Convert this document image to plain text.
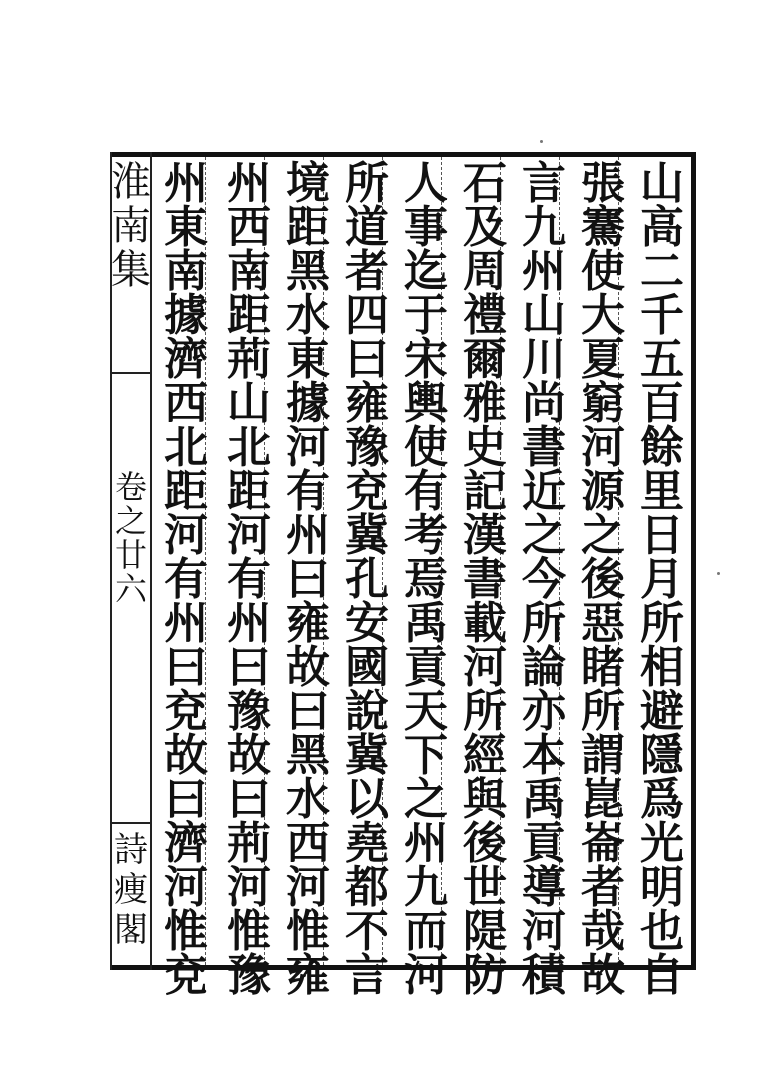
淮
南
集
卷
之
廿
六
詩
痩
閣
山
高
二
千
五
百
餘
里
日
月
所
相
避
隱
爲
光
明
也
自
張
騫
使
大
夏
窮
河
源
之
後
惡
睹
所
謂
崑
崙
者
哉
故
言
九
州
山
川
尚
書
近
之
今
所
論
亦
本
禹
貢
導
河
積
石
及
周
禮
爾
雅
史
記
漢
書
載
河
所
經
與
後
世
隄
防
人
事
迄
于
宋
輿
使
有
考
焉
禹
貢
天
下
之
州
九
而
河
所
道
者
四
曰
雍
豫
兗
冀
孔
安
國
說
冀
以
堯
都
不
言
境
距
黑
水
東
據
河
有
州
曰
雍
故
曰
黑
水
西
河
惟
雍
州
西
南
距
荊
山
北
距
河
有
州
曰
豫
故
曰
荊
河
惟
豫
州
東
南
據
濟
西
北
距
河
有
州
曰
兗
故
曰
濟
河
惟
兗
